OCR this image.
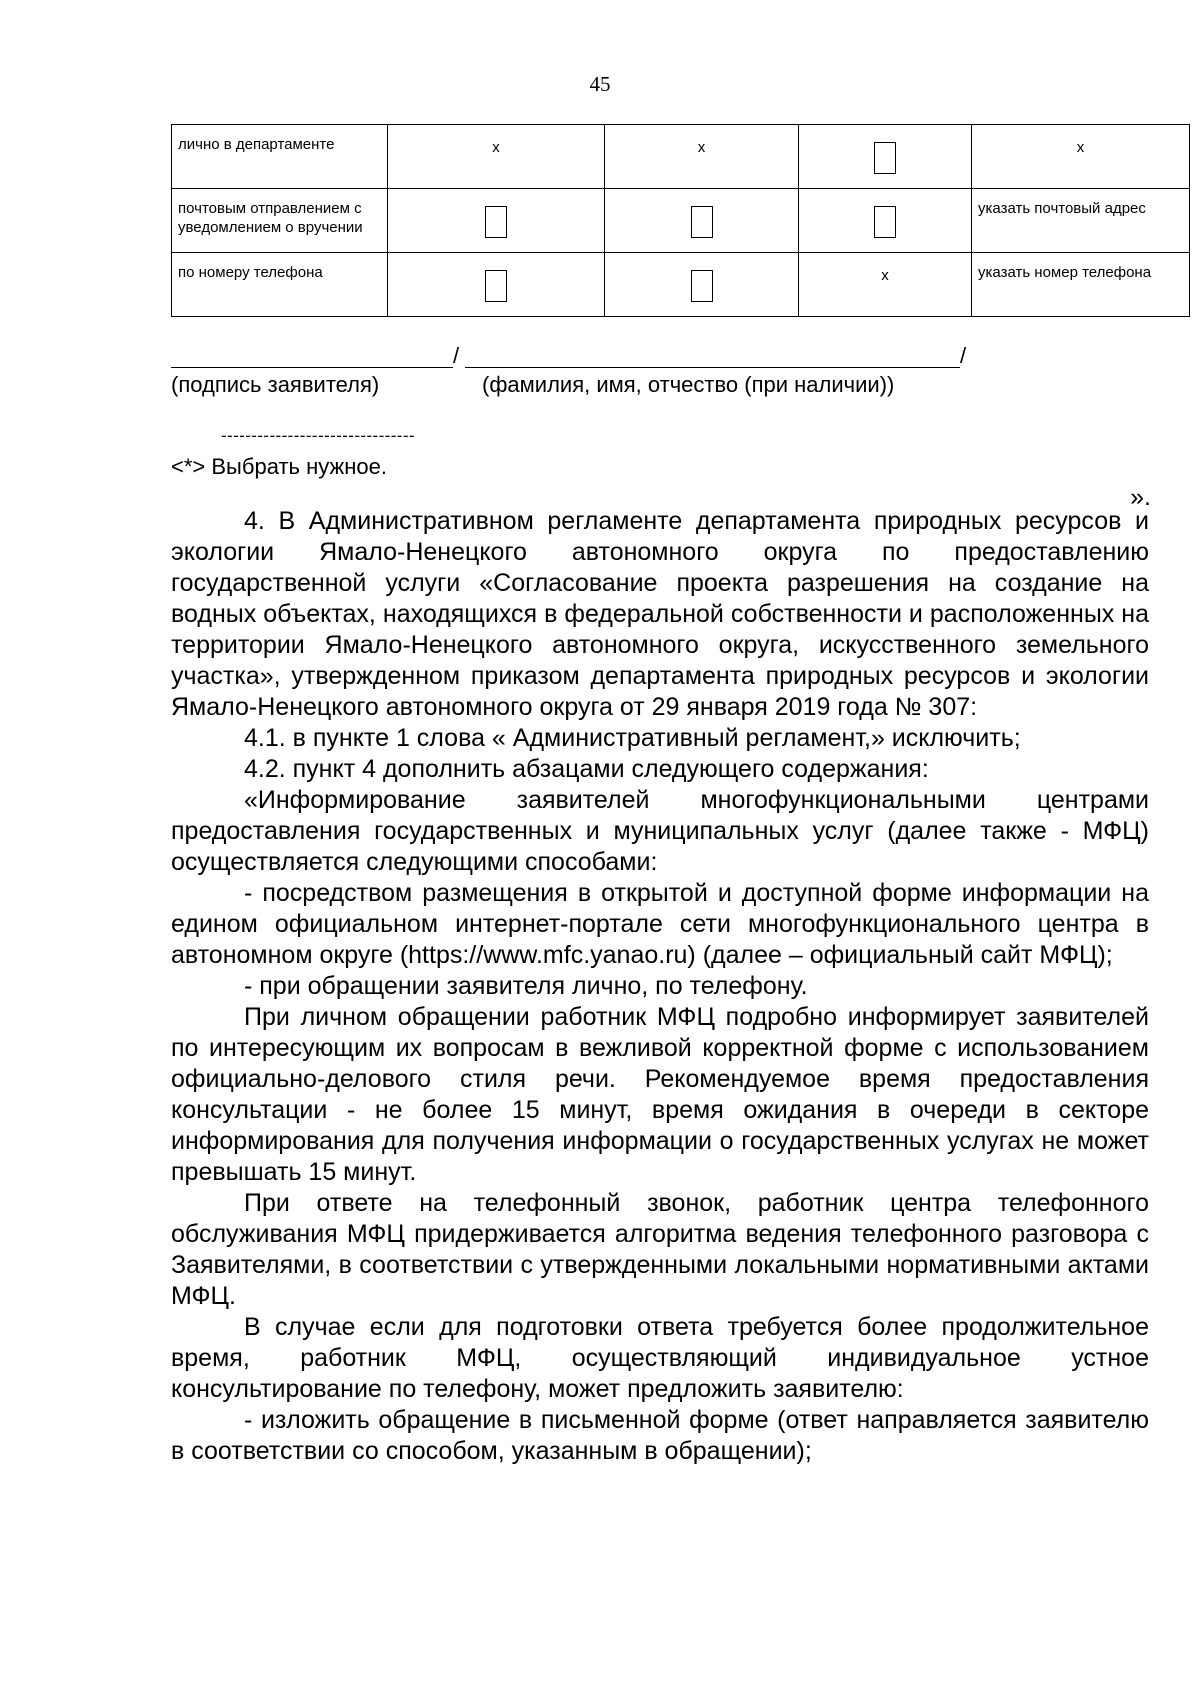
45
лично в департаменте	x	x		x

почтовым отправлением с уведомлением о вручении				указать почтовый адрес

по номеру телефона			x	указать номер телефона
/	/
(подпись заявителя)	(фамилия, имя, отчество (при наличии))
--------------------------------
<*> Выбрать нужное.
».

4. В Административном регламенте департамента природных ресурсов и экологии Ямало-Ненецкого автономного округа по предоставлению государственной услуги «Согласование проекта разрешения на создание на водных объектах, находящихся в федеральной собственности и расположенных на территории Ямало-Ненецкого автономного округа, искусственного земельного участка», утвержденном приказом департамента природных ресурсов и экологии Ямало-Ненецкого автономного округа от 29 января 2019 года № 307:

4.1. в пункте 1 слова « Административный регламент,» исключить;

4.2. пункт 4 дополнить абзацами следующего содержания:

«Информирование заявителей многофункциональными центрами предоставления государственных и муниципальных услуг (далее также - МФЦ) осуществляется следующими способами:

- посредством размещения в открытой и доступной форме информации на едином официальном интернет-портале сети многофункционального центра в автономном округе (https://www.mfc.yanao.ru) (далее – официальный сайт МФЦ);

- при обращении заявителя лично, по телефону.

При личном обращении работник МФЦ подробно информирует заявителей по интересующим их вопросам в вежливой корректной форме с использованием официально-делового стиля речи. Рекомендуемое время предоставления консультации - не более 15 минут, время ожидания в очереди в секторе информирования для получения информации о государственных услугах не может превышать 15 минут.

При ответе на телефонный звонок, работник центра телефонного обслуживания МФЦ придерживается алгоритма ведения телефонного разговора с Заявителями, в соответствии с утвержденными локальными нормативными актами МФЦ.

В случае если для подготовки ответа требуется более продолжительное время, работник МФЦ, осуществляющий индивидуальное устное консультирование по телефону, может предложить заявителю:

- изложить обращение в письменной форме (ответ направляется заявителю в соответствии со способом, указанным в обращении);
